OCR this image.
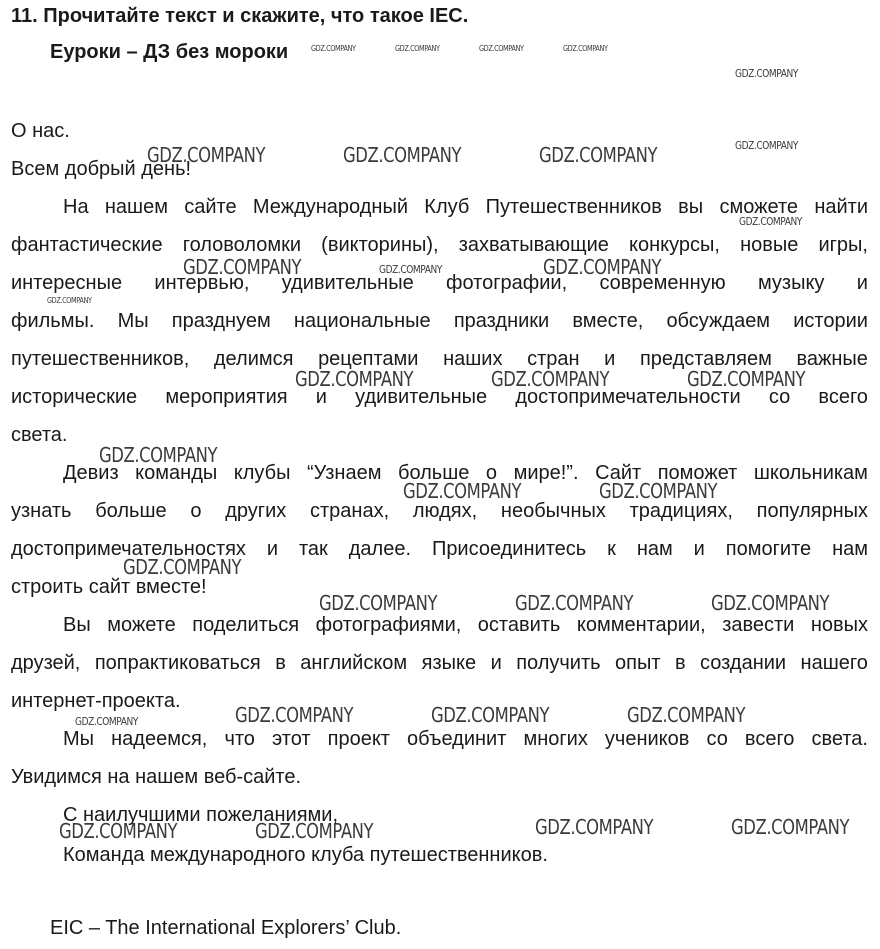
11. Прочитайте текст и скажите, что такое IEC.
Еуроки – ДЗ без мороки
О нас.
Всем добрый день!
На нашем сайте Международный Клуб Путешественников вы сможете найти
фантастические головоломки (викторины), захватывающие конкурсы, новые игры,
интересные интервью, удивительные фотографии, современную музыку и
фильмы. Мы празднуем национальные праздники вместе, обсуждаем истории
путешественников, делимся рецептами наших стран и представляем важные
исторические мероприятия и удивительные достопримечательности со всего
света.
Девиз команды клубы “Узнаем больше о мире!”. Сайт поможет школьникам
узнать больше о других странах, людях, необычных традициях, популярных
достопримечательностях и так далее. Присоединитесь к нам и помогите нам
строить сайт вместе!
Вы можете поделиться фотографиями, оставить комментарии, завести новых
друзей, попрактиковаться в английском языке и получить опыт в создании нашего
интернет-проекта.
Мы надеемся, что этот проект объединит многих учеников со всего света.
Увидимся на нашем веб-сайте.
С наилучшими пожеланиями,
Команда международного клуба путешественников.
EIC – The International Explorers’ Club.
GDZ.COMPANY	GDZ.COMPANY	GDZ.COMPANY
GDZ.COMPANY	GDZ.COMPANY
GDZ.COMPANY	GDZ.COMPANY	GDZ.COMPANY
GDZ.COMPANY
GDZ.COMPANY	GDZ.COMPANY
GDZ.COMPANY
GDZ.COMPANY	GDZ.COMPANY	GDZ.COMPANY
GDZ.COMPANY	GDZ.COMPANY	GDZ.COMPANY
GDZ.COMPANY	GDZ.COMPANY	GDZ.COMPANY	GDZ.COMPANY
GDZ.COMPANY
GDZ.COMPANY
GDZ.COMPANY
GDZ.COMPANY
GDZ.COMPANY
GDZ.COMPANY	GDZ.COMPANY	GDZ.COMPANY	GDZ.COMPANY
GDZ.COMPANY
